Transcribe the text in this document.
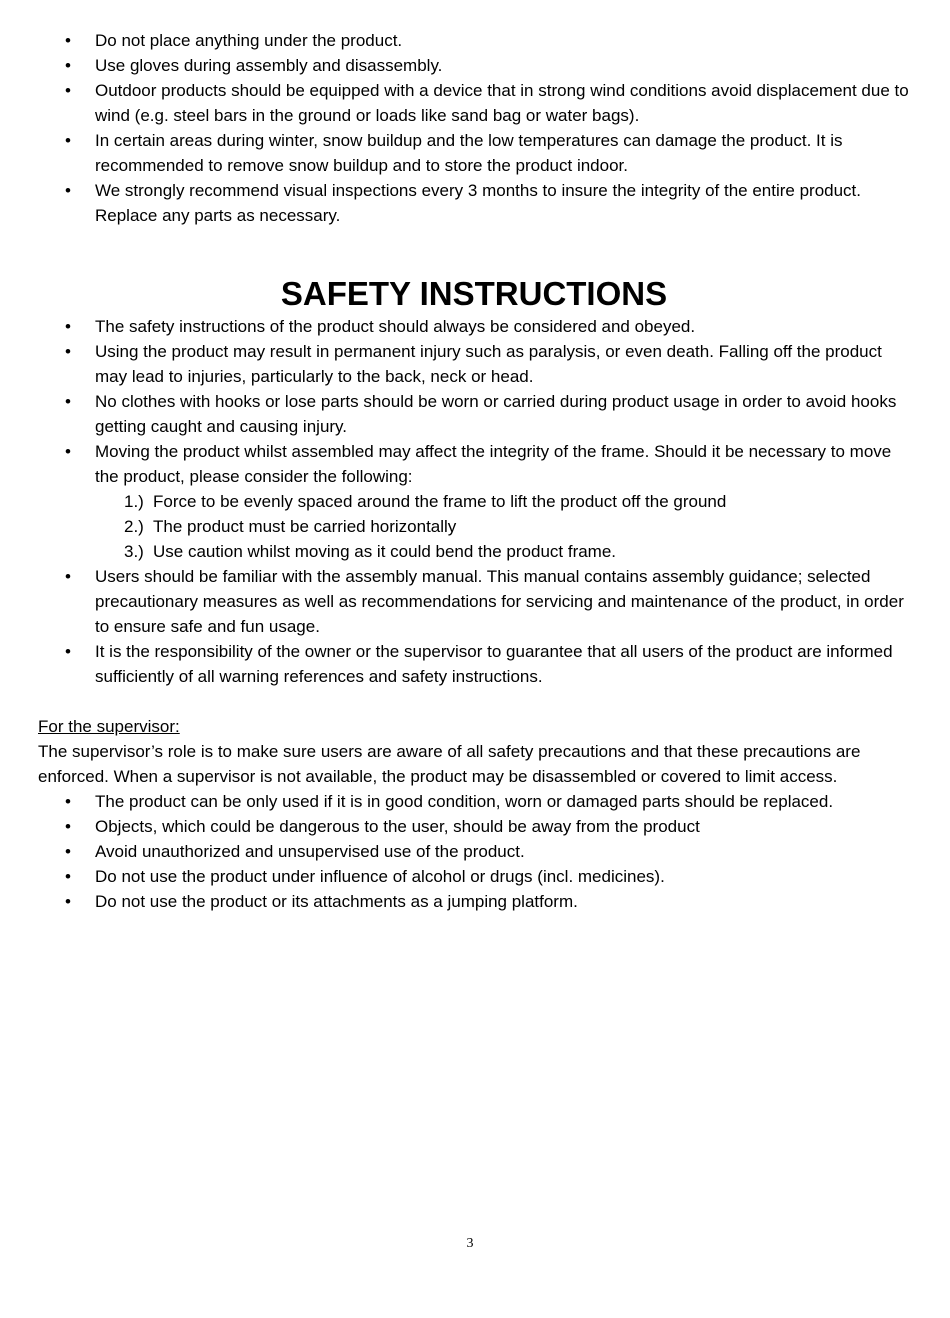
• Do not place anything under the product.
• Use gloves during assembly and disassembly.
• Outdoor products should be equipped with a device that in strong wind conditions avoid displacement due to wind (e.g. steel bars in the ground or loads like sand bag or water bags).
• In certain areas during winter, snow buildup and the low temperatures can damage the product. It is recommended to remove snow buildup and to store the product indoor.
• We strongly recommend visual inspections every 3 months to insure the integrity of the entire product. Replace any parts as necessary.
SAFETY INSTRUCTIONS
• The safety instructions of the product should always be considered and obeyed.
• Using the product may result in permanent injury such as paralysis, or even death. Falling off the product may lead to injuries, particularly to the back, neck or head.
• No clothes with hooks or lose parts should be worn or carried during product usage in order to avoid hooks getting caught and causing injury.
• Moving the product whilst assembled may affect the integrity of the frame. Should it be necessary to move the product, please consider the following:
1.) Force to be evenly spaced around the frame to lift the product off the ground
2.) The product must be carried horizontally
3.) Use caution whilst moving as it could bend the product frame.
• Users should be familiar with the assembly manual. This manual contains assembly guidance; selected precautionary measures as well as recommendations for servicing and maintenance of the product, in order to ensure safe and fun usage.
• It is the responsibility of the owner or the supervisor to guarantee that all users of the product are informed sufficiently of all warning references and safety instructions.
For the supervisor:
The supervisor’s role is to make sure users are aware of all safety precautions and that these precautions are enforced. When a supervisor is not available, the product may be disassembled or covered to limit access.
• The product can be only used if it is in good condition, worn or damaged parts should be replaced.
• Objects, which could be dangerous to the user, should be away from the product
• Avoid unauthorized and unsupervised use of the product.
• Do not use the product under influence of alcohol or drugs (incl. medicines).
• Do not use the product or its attachments as a jumping platform.
3
